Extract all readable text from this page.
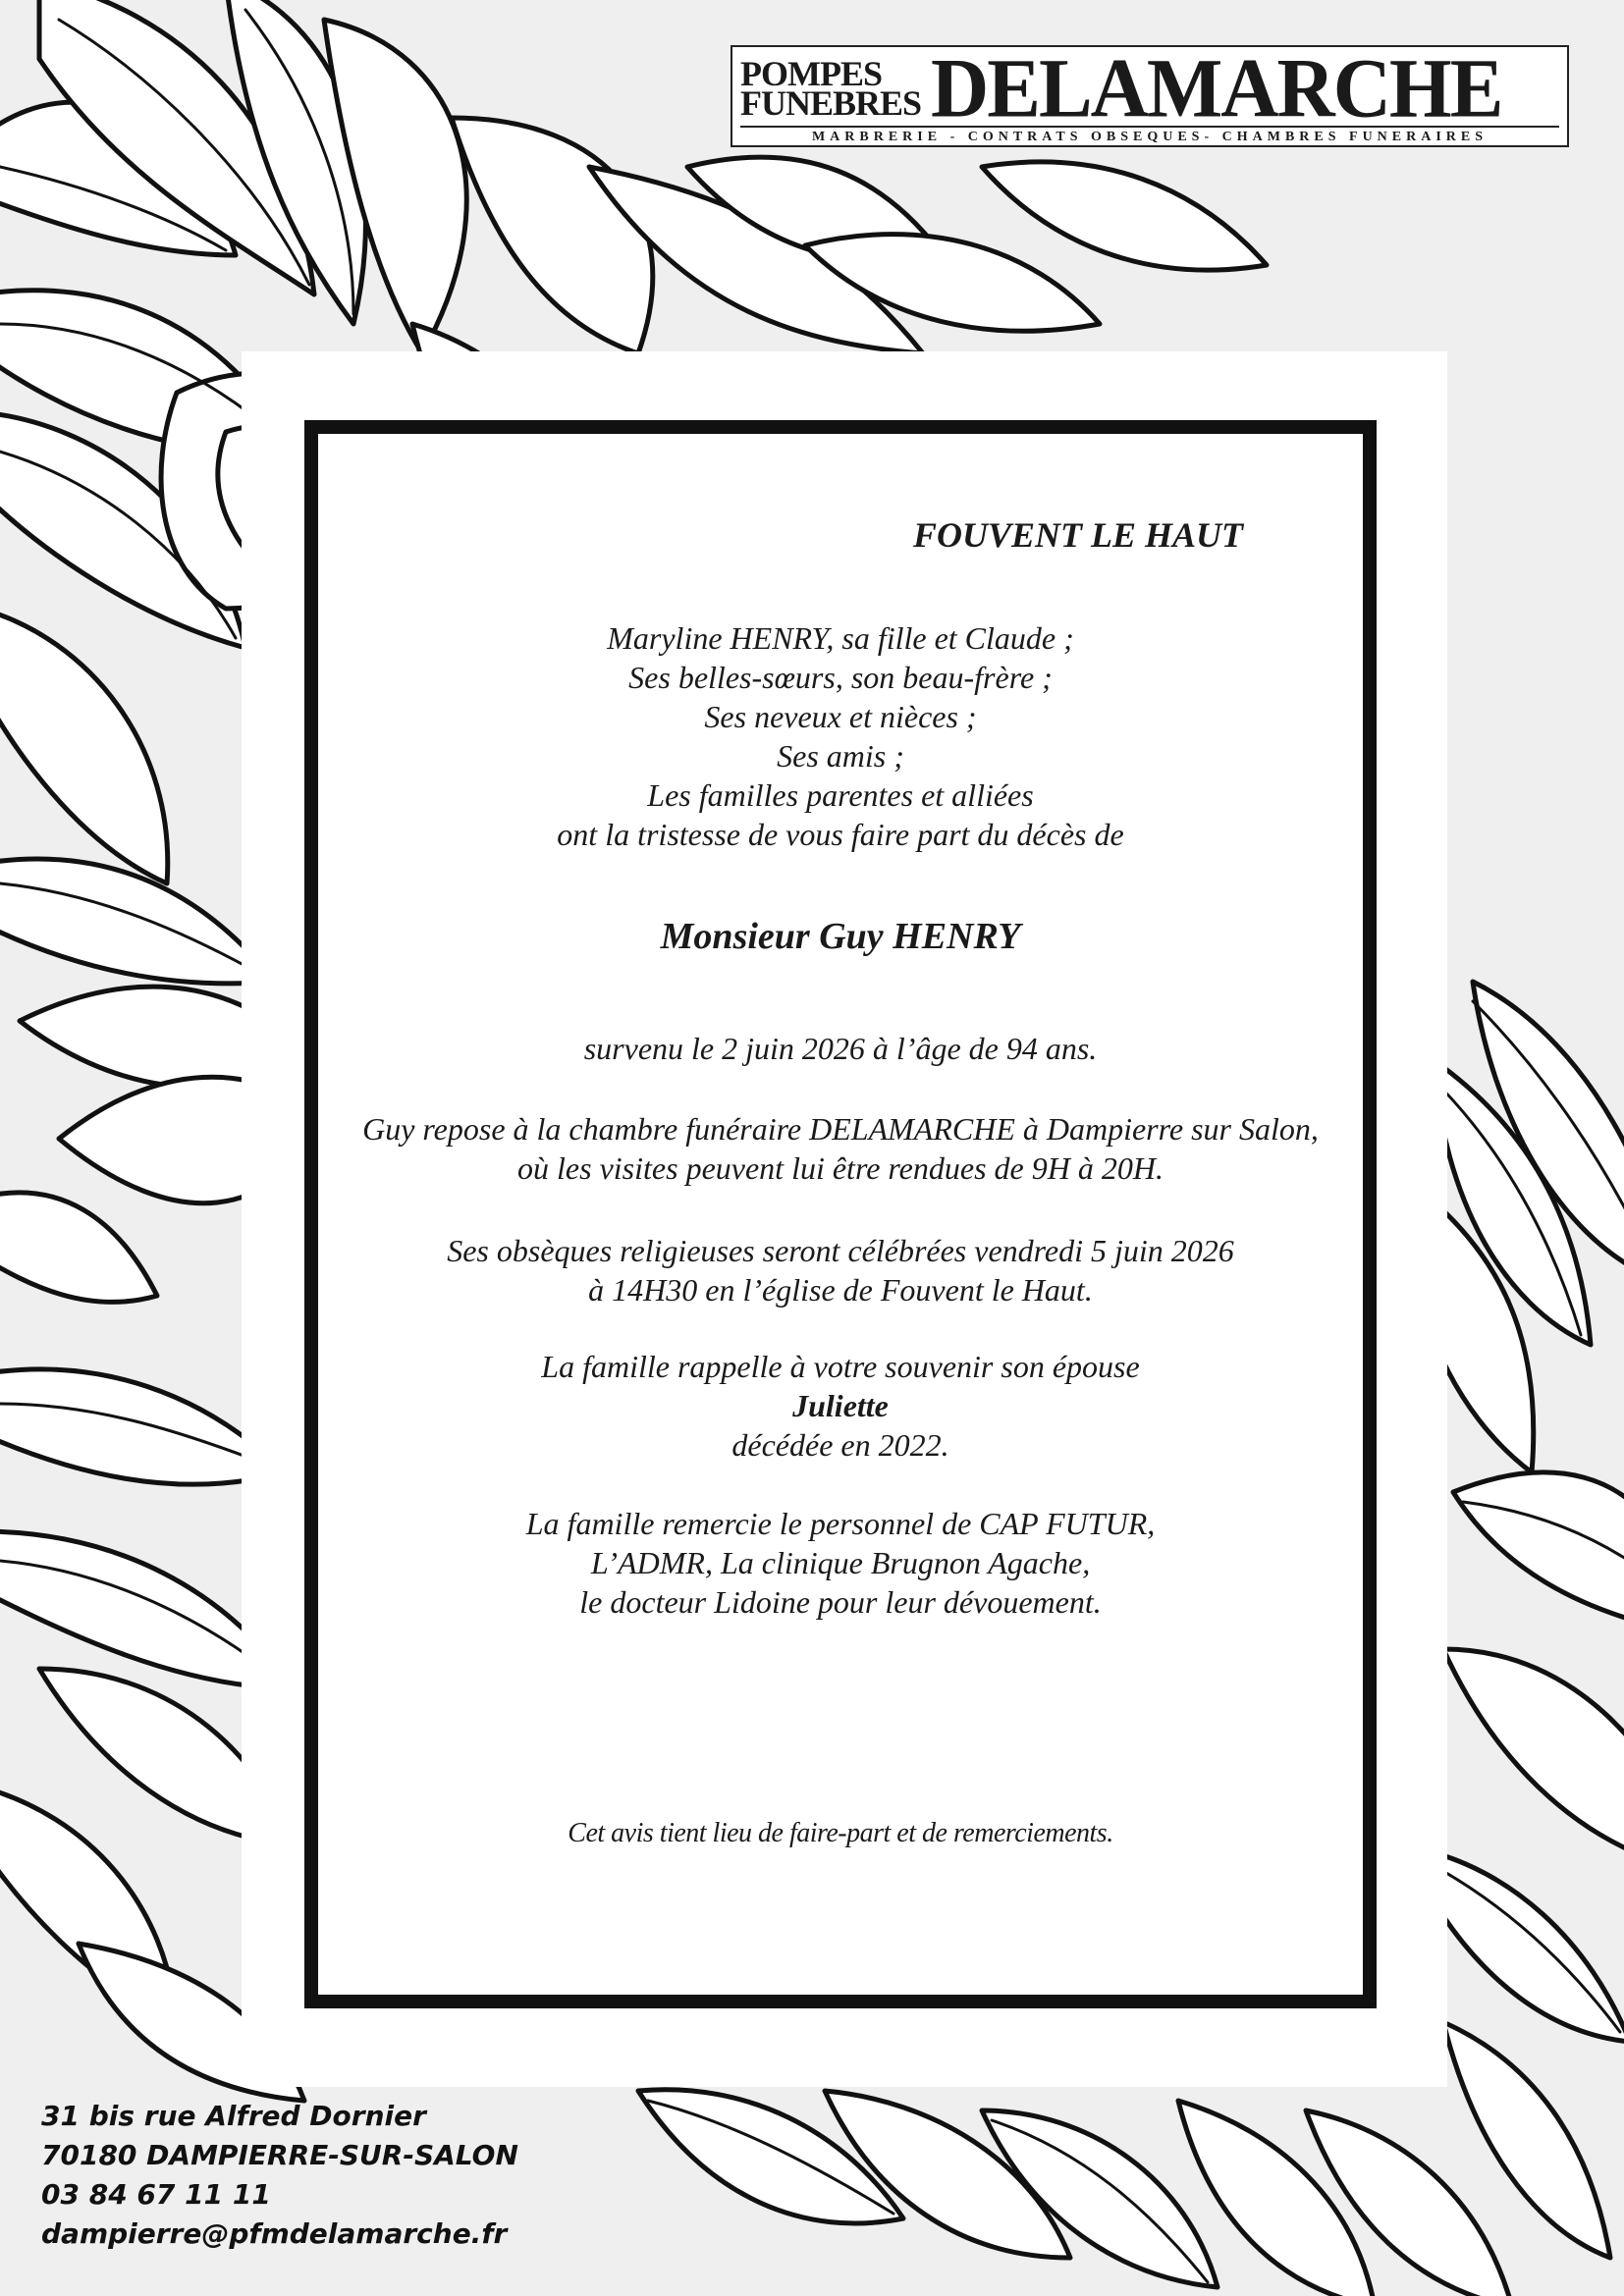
POMPES
FUNEBRES DELAMARCHE
MARBRERIE - CONTRATS OBSEQUES- CHAMBRES FUNERAIRES
FOUVENT LE HAUT

Maryline HENRY, sa fille et Claude ;

Ses belles-sœurs, son beau-frère ;

Ses neveux et nièces ;

Ses amis ;

Les familles parentes et alliées

ont la tristesse de vous faire part du décès de

Monsieur Guy HENRY

survenu le 2 juin 2026 à l’âge de 94 ans.

Guy repose à la chambre funéraire DELAMARCHE à Dampierre sur Salon,

où les visites peuvent lui être rendues de 9H à 20H.

Ses obsèques religieuses seront célébrées vendredi 5 juin 2026

à 14H30 en l’église de Fouvent le Haut.

La famille rappelle à votre souvenir son épouse

Juliette

décédée en 2022.

La famille remercie le personnel de CAP FUTUR,

L’ADMR, La clinique Brugnon Agache,

le docteur Lidoine pour leur dévouement.

Cet avis tient lieu de faire-part et de remerciements.

31 bis rue Alfred Dornier
70180 DAMPIERRE-SUR-SALON
03 84 67 11 11
dampierre@pfmdelamarche.fr
